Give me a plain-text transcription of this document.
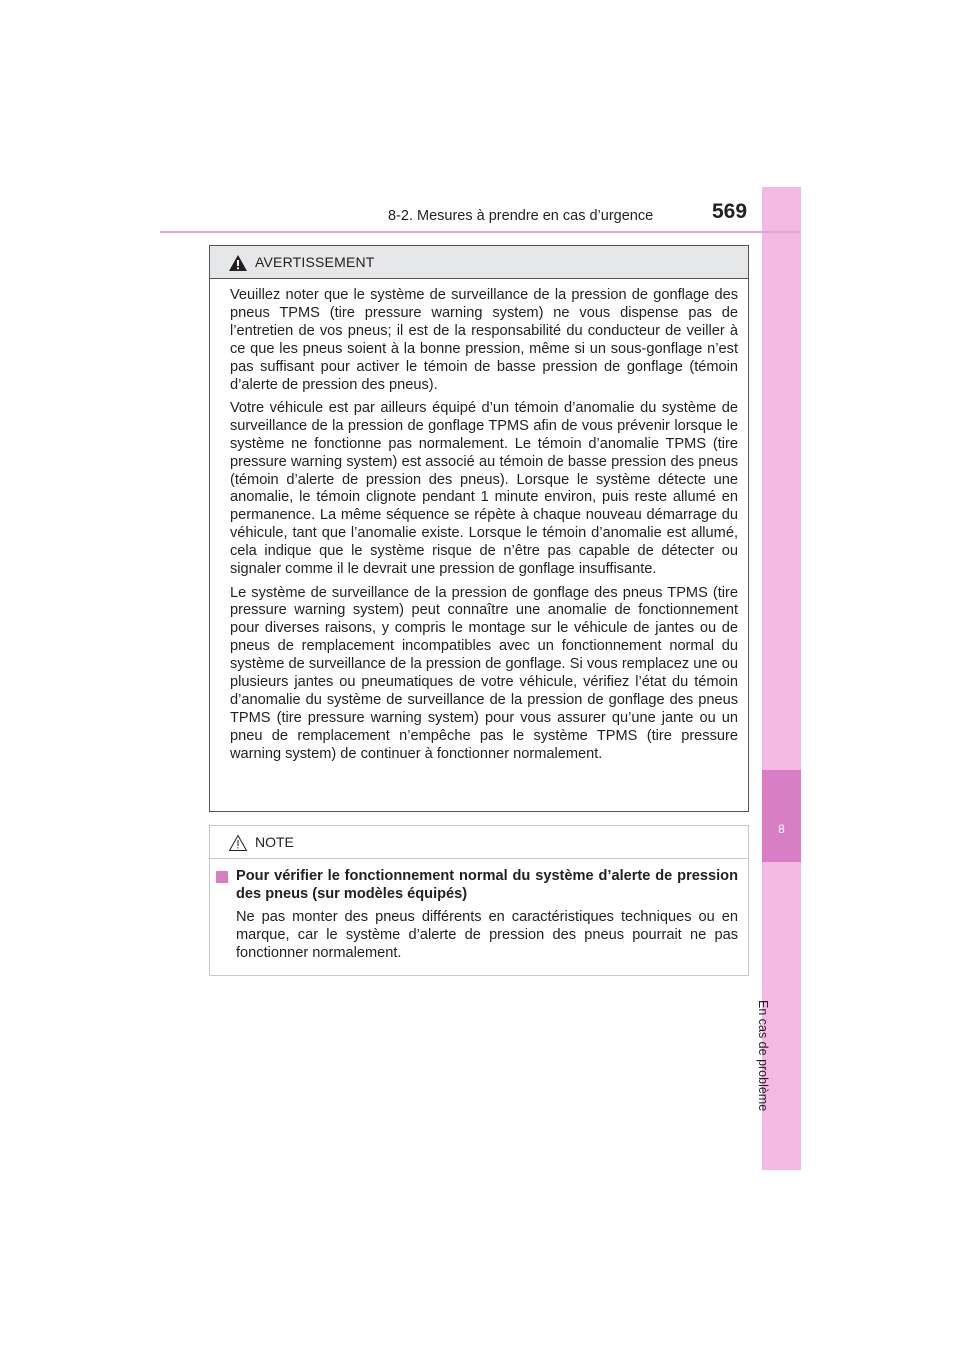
8
En cas de problème
8-2. Mesures à prendre en cas d’urgence	569
AVERTISSEMENT

Veuillez noter que le système de surveillance de la pression de gonflage des pneus TPMS (tire pressure warning system) ne vous dispense pas de l’entretien de vos pneus; il est de la responsabilité du conducteur de veiller à ce que les pneus soient à la bonne pression, même si un sous-gonflage n’est pas suffisant pour activer le témoin de basse pression de gonflage (témoin d’alerte de pression des pneus).

Votre véhicule est par ailleurs équipé d’un témoin d’anomalie du système de surveillance de la pression de gonflage TPMS afin de vous prévenir lorsque le système ne fonctionne pas normalement. Le témoin d’anomalie TPMS (tire pressure warning system) est associé au témoin de basse pression des pneus (témoin d’alerte de pression des pneus). Lorsque le système détecte une anomalie, le témoin clignote pendant 1 minute environ, puis reste allumé en permanence. La même séquence se répète à chaque nouveau démarrage du véhicule, tant que l’anomalie existe. Lorsque le témoin d’anomalie est allumé, cela indique que le système risque de n’être pas capable de détecter ou signaler comme il le devrait une pression de gonflage insuffisante.

Le système de surveillance de la pression de gonflage des pneus TPMS (tire pressure warning system) peut connaître une anomalie de fonctionnement pour diverses raisons, y compris le montage sur le véhicule de jantes ou de pneus de remplacement incompatibles avec un fonctionnement normal du système de surveillance de la pression de gonflage. Si vous remplacez une ou plusieurs jantes ou pneumatiques de votre véhicule, vérifiez l’état du témoin d’anomalie du système de surveillance de la pression de gonflage des pneus TPMS (tire pressure warning system) pour vous assurer qu’une jante ou un pneu de remplacement n’empêche pas le système TPMS (tire pressure warning system) de continuer à fonctionner normalement.

NOTE
Pour vérifier le fonctionnement normal du système d’alerte de pression des pneus (sur modèles équipés)

Ne pas monter des pneus différents en caractéristiques techniques ou en marque, car le système d’alerte de pression des pneus pourrait ne pas fonctionner normalement.
